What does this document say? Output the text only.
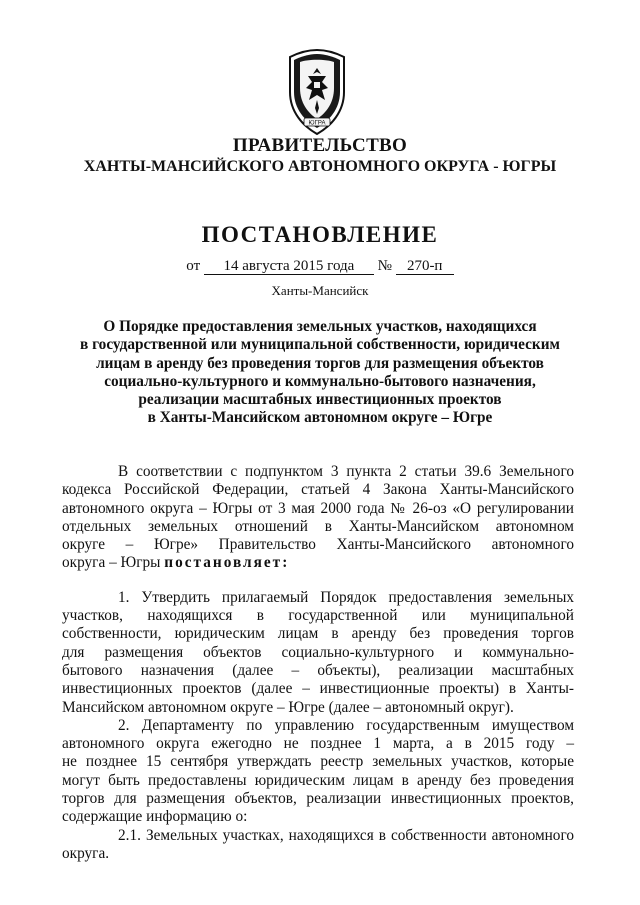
ЮГРА
ПРАВИТЕЛЬСТВО
ХАНТЫ-МАНСИЙСКОГО АВТОНОМНОГО ОКРУГА - ЮГРЫ
ПОСТАНОВЛЕНИЕ
от 14 августа 2015 года № 270-п
Ханты-Мансийск
О Порядке предоставления земельных участков, находящихся
в государственной или муниципальной собственности, юридическим
лицам в аренду без проведения торгов для размещения объектов
социально-культурного и коммунально-бытового назначения,
реализации масштабных инвестиционных проектов
в Ханты-Мансийском автономном округе – Югре
В соответствии с подпунктом 3 пункта 2 статьи 39.6 Земельного
кодекса Российской Федерации, статьей 4 Закона Ханты-Мансийского
автономного округа – Югры от 3 мая 2000 года № 26-оз «О регулировании
отдельных земельных отношений в Ханты-Мансийском автономном
округе – Югре» Правительство Ханты-Мансийского автономного
округа – Югры постановляет:
1. Утвердить прилагаемый Порядок предоставления земельных
участков, находящихся в государственной или муниципальной
собственности, юридическим лицам в аренду без проведения торгов
для размещения объектов социально-культурного и коммунально-
бытового назначения (далее – объекты), реализации масштабных
инвестиционных проектов (далее – инвестиционные проекты) в Ханты-
Мансийском автономном округе – Югре (далее – автономный округ).
2. Департаменту по управлению государственным имуществом
автономного округа ежегодно не позднее 1 марта, а в 2015 году –
не позднее 15 сентября утверждать реестр земельных участков, которые
могут быть предоставлены юридическим лицам в аренду без проведения
торгов для размещения объектов, реализации инвестиционных проектов,
содержащие информацию о:
2.1. Земельных участках, находящихся в собственности автономного
округа.
